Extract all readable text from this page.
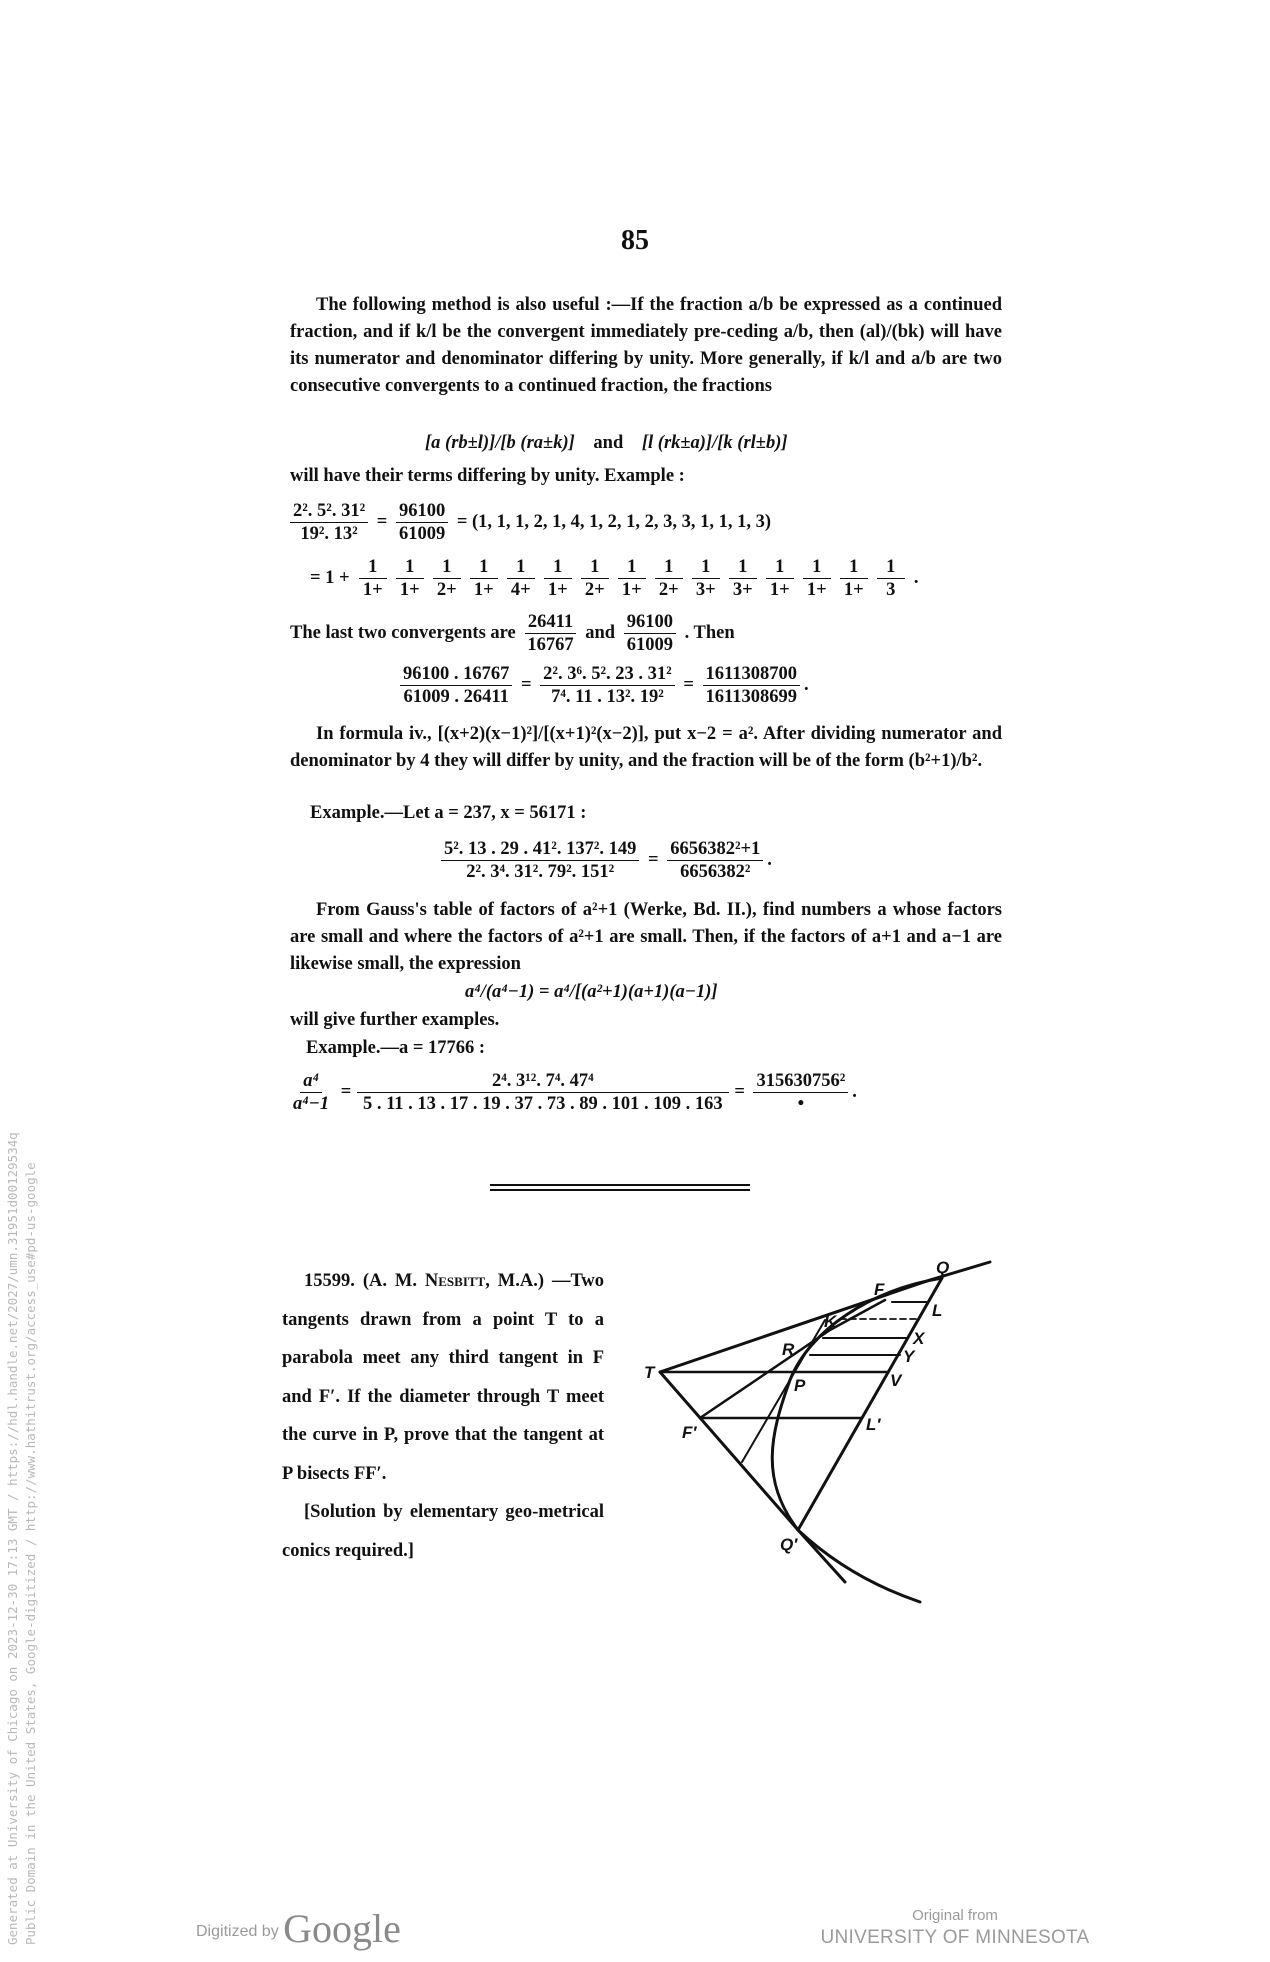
85
The following method is also useful :—If the fraction a/b be expressed as a continued fraction, and if k/l be the convergent immediately pre-ceding a/b, then (al)/(bk) will have its numerator and denominator differing by unity. More generally, if k/l and a/b are two consecutive convergents to a continued fraction, the fractions
[a (rb±l)]/[b (ra±k)] and [l (rk±a)]/[k (rl±b)]
will have their terms differing by unity. Example :
$\frac{\text{2². 5². 31²}}{\text{19². 13²}} = \frac{96100}{61009} = (1$, 1, 1, 2, 1, 4, 1, 2, 1, 2, 3, 3, 1, 1, 1, 3)
= $1 + \frac{1}{1+} \frac{1}{1+} \frac{1}{2+} \frac{1}{1+} \frac{1}{4+} \frac{1}{1+} \frac{1}{2+} \frac{1}{1+} \frac{1}{2+} \frac{1}{3+} \frac{1}{3+} \frac{1}{1+} \frac{1}{1+} \frac{1}{1+} \frac{1}{3}$ .
The last two convergents are $\frac{26411}{16767}$ and $\frac{96100}{61009}$ . Then
$\frac{96100 . 16767}{61009 . 26411} = \frac{\text{2². 3⁶. 5². 23 . 31²}}{\text{7⁴. 11 . 13². 19²}} = \frac{1611308700}{1611308699}$ .
In formula iv., [(x+2)(x−1)²]/[(x+1)²(x−2)], put x−2 = a². After dividing numerator and denominator by 4 they will differ by unity, and the fraction will be of the form (b²+1)/b².
Example.—Let a = 237, x = 56171 :
$\frac{\text{5². 13 . 29 . 41². 137². 149}}{\text{2². 3⁴. 31². 79². 151²}} = \frac{\text{6656382²+1}}{\text{6656382²}}$ .
From Gauss's table of factors of a²+1 (Werke, Bd. II.), find numbers a whose factors are small and where the factors of a²+1 are small. Then, if the factors of a+1 and a−1 are likewise small, the expression
a⁴/(a⁴−1) = a⁴/[(a²+1)(a+1)(a−1)]
will give further examples.
Example.—a = 17766 :
$\frac{\text{a⁴}}{\text{a⁴−1}} = \frac{\text{2⁴. 3¹². 7⁴. 47⁴}}{5 . 11 . 13 . 17 . 19 . 37 . 73 . 89 . 101 . 109 . 163} = \frac{\text{315630756²}}{•}$ .

15599. (A. M. Nesbitt, M.A.) —Two tangents drawn from a point T to a parabola meet any third tangent in F and F′. If the diameter through T meet the curve in P, prove that the tangent at P bisects FF′.

[Solution by elementary geo-metrical conics required.]

Q
F
L
K
X
R	Y
T
P	V
F′	L′
Q′
Generated at University of Chicago on 2023-12-30 17:13 GMT / https://hdl.handle.net/2027/umn.31951d00129534q Public Domain in the United States, Google-digitized / http://www.hathitrust.org/access_use#pd-us-google	Digitized by Google	Original from
UNIVERSITY OF MINNESOTA
